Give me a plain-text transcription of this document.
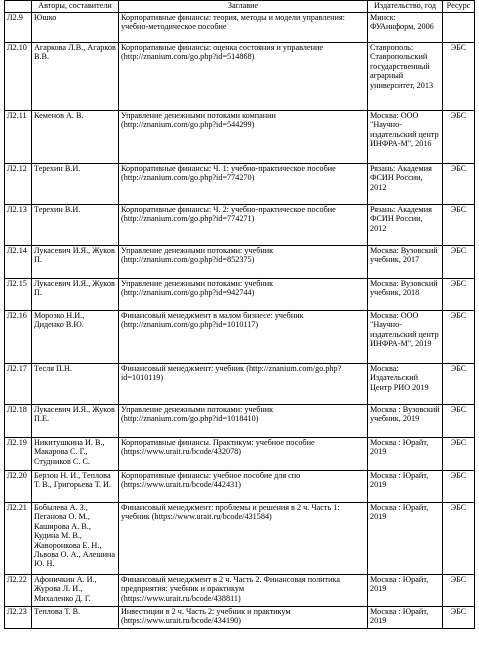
	Авторы, составители	Заглавие	Издательство, год	Ресурс
Л2.9	Юшко	Корпоративные финансы: теория, методы и модели управления: учебно-методическое пособие	Минск: ФУАинформ, 2006	
Л2.10	Агаркова Л.В., Агарков В.В.	Корпоративные финансы: оценка состояния и управление (http://znanium.com/go.php?id=514868)	Ставрополь: Ставропольский государственный аграрный университет, 2013	ЭБС
Л2.11	Кеменов А. В.	Управление денежными потоками компании (http://znanium.com/go.php?id=544299)	Москва: ООО "Научно-издательский центр ИНФРА-М", 2016	ЭБС
Л2.12	Терехин В.И.	Корпоративные финансы: Ч. 1: учебно-практическое пособие (http://znanium.com/go.php?id=774270)	Рязань: Академия ФСИН России, 2012	ЭБС
Л2.13	Терехин В.И.	Корпоративные финансы: Ч. 2: учебно-практическое пособие (http://znanium.com/go.php?id=774271)	Рязань: Академия ФСИН России, 2012	ЭБС
Л2.14	Лукасевич И.Я., Жуков П.	Управление денежными потоками: учебник (http://znanium.com/go.php?id=852375)	Москва: Вузовский учебник, 2017	ЭБС
Л2.15	Лукасевич И.Я., Жуков П.	Управление денежными потоками: учебник (http://znanium.com/go.php?id=942744)	Москва: Вузовский учебник, 2018	ЭБС
Л2.16	Морозко Н.И., Диденко В.Ю.	Финансовый менеджмент в малом бизнесе: учебник (http://znanium.com/go.php?id=1010117)	Москва: ООО "Научно-издательский центр ИНФРА-М", 2019	ЭБС
Л2.17	Тесля П.Н.	Финансовый менеджмент: учебник (http://znanium.com/go.php?id=1010119)	Москва: Издательский Центр РИО 2019	ЭБС
Л2.18	Лукасевич И.Я., Жуков П.Е.	Управление денежными потоками: учебник (http://znanium.com/go.php?id=1018410)	Москва : Вузовский учебник, 2019	ЭБС
Л2.19	Никитушкина И. В., Макарова С. Г., Студников С. С.	Корпоративные финансы. Практикум: учебное пособие (https://www.urait.ru/bcode/432078)	Москва : Юрайт, 2019	ЭБС
Л2.20	Берзон Н. И., Теплова Т. В., Григорьева Т. И.	Корпоративные финансы: учебное пособие для спо (https://www.urait.ru/bcode/442431)	Москва : Юрайт, 2019	ЭБС
Л2.21	Бобылева А. З., Пеганова О. М., Каширова А. В., Кудина М. В., Жаворонкова Е. Н., Львова О. А., Алешина Ю. Н.	Финансовый менеджмент: проблемы и решения в 2 ч. Часть 1: учебник (https://www.urait.ru/bcode/431584)	Москва : Юрайт, 2019	ЭБС
Л2.22	Афоничкин А. И., Журова Л. И., Михаленко Д. Г.	Финансовый менеджмент в 2 ч. Часть 2. Финансовая политика предприятия: учебник и практикум (https://www.urait.ru/bcode/438811)	Москва : Юрайт, 2019	ЭБС
Л2.23	Теплова Т. В.	Инвестиции в 2 ч. Часть 2: учебник и практикум (https://www.urait.ru/bcode/434190)	Москва : Юрайт, 2019	ЭБС
